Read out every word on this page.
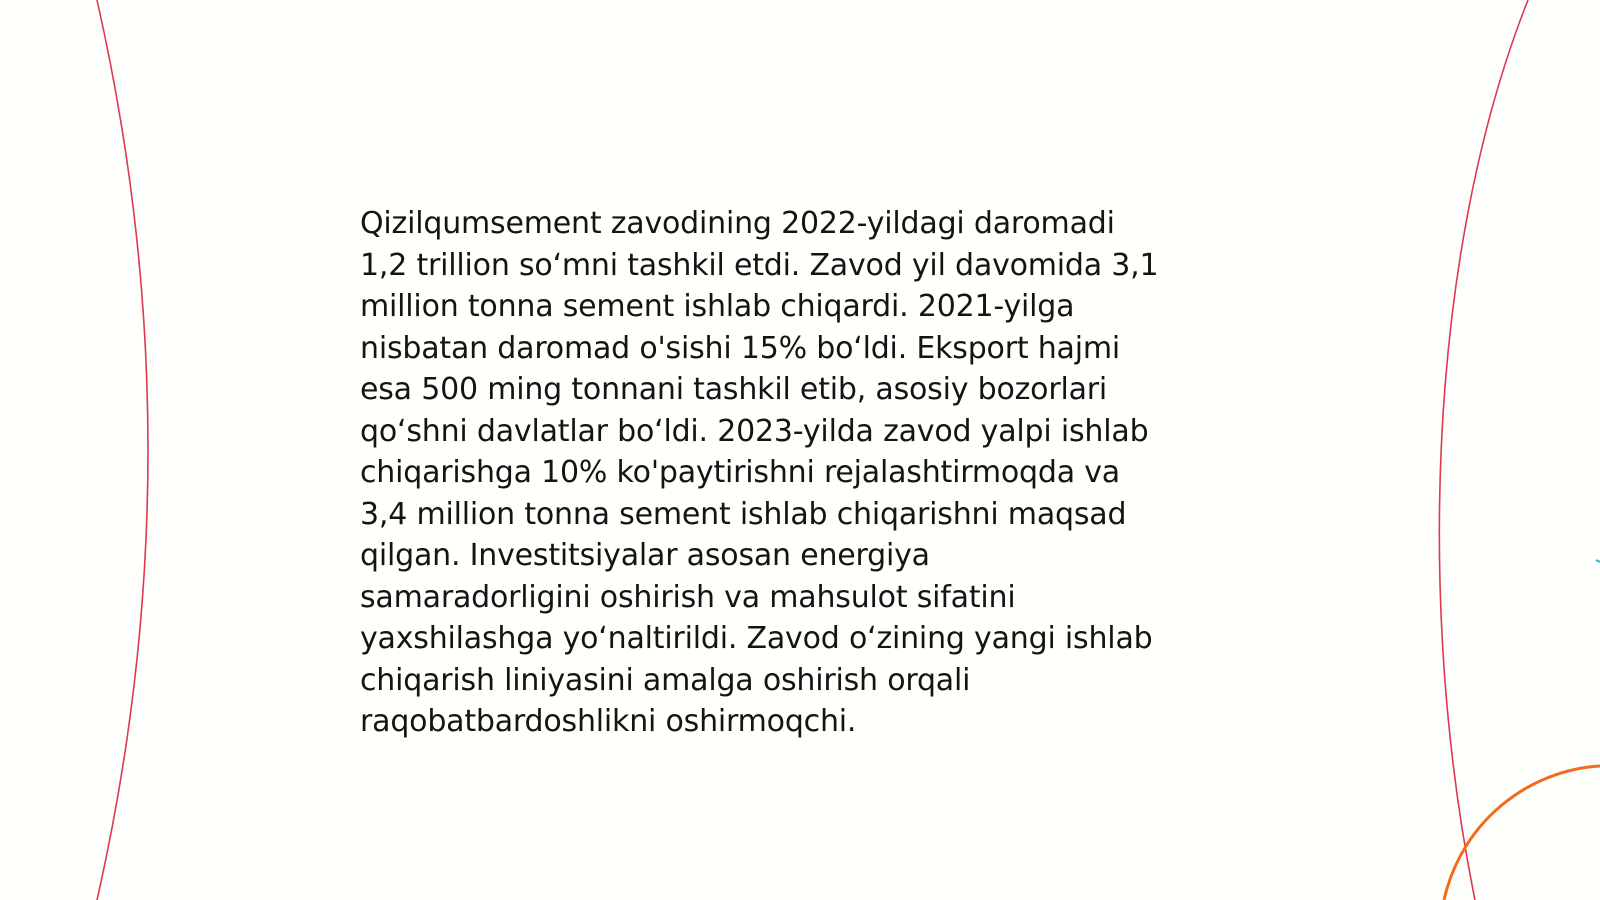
Qizilqumsement zavodining 2022-yildagi daromadi
1,2 trillion so‘mni tashkil etdi. Zavod yil davomida 3,1
million tonna sement ishlab chiqardi. 2021-yilga
nisbatan daromad o'sishi 15% bo‘ldi. Eksport hajmi
esa 500 ming tonnani tashkil etib, asosiy bozorlari
qo‘shni davlatlar bo‘ldi. 2023-yilda zavod yalpi ishlab
chiqarishga 10% ko'paytirishni rejalashtirmoqda va
3,4 million tonna sement ishlab chiqarishni maqsad
qilgan. Investitsiyalar asosan energiya
samaradorligini oshirish va mahsulot sifatini
yaxshilashga yo‘naltirildi. Zavod o‘zining yangi ishlab
chiqarish liniyasini amalga oshirish orqali
raqobatbardoshlikni oshirmoqchi.
